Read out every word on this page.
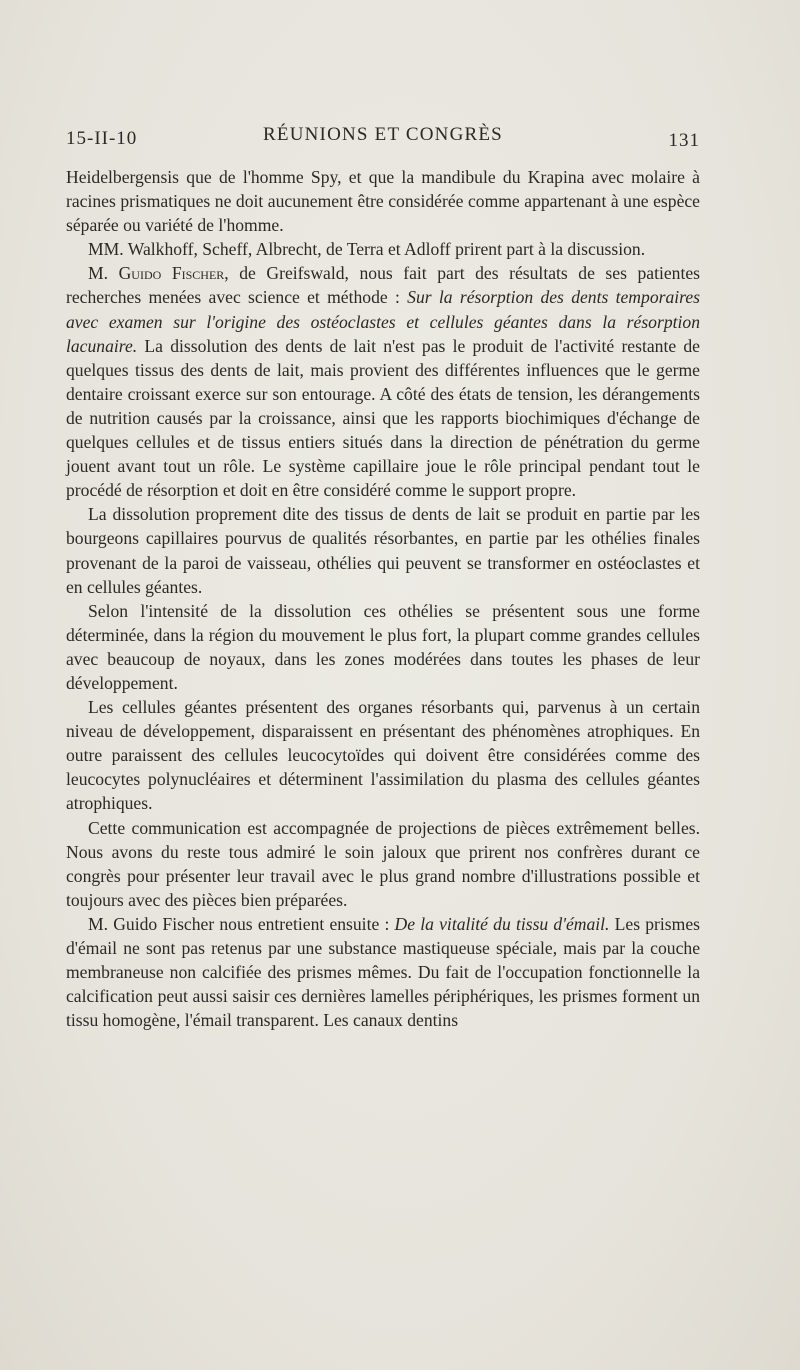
15-II-10	RÉUNIONS ET CONGRÈS	131

Heidelbergensis que de l'homme Spy, et que la mandibule du Krapina avec molaire à racines prismatiques ne doit aucunement être considérée comme appartenant à une espèce séparée ou variété de l'homme.

MM. Walkhoff, Scheff, Albrecht, de Terra et Adloff prirent part à la discussion.

M. Guido Fischer, de Greifswald, nous fait part des résultats de ses patientes recherches menées avec science et méthode : Sur la résorption des dents temporaires avec examen sur l'origine des ostéoclastes et cellules géantes dans la résorption lacunaire. La dissolution des dents de lait n'est pas le produit de l'activité restante de quelques tissus des dents de lait, mais provient des différentes influences que le germe dentaire croissant exerce sur son entourage. A côté des états de tension, les dérangements de nutrition causés par la croissance, ainsi que les rapports biochimiques d'échange de quelques cellules et de tissus entiers situés dans la direction de pénétration du germe jouent avant tout un rôle. Le système capillaire joue le rôle principal pendant tout le procédé de résorption et doit en être considéré comme le support propre.

La dissolution proprement dite des tissus de dents de lait se produit en partie par les bourgeons capillaires pourvus de qualités résorbantes, en partie par les othélies finales provenant de la paroi de vaisseau, othélies qui peuvent se transformer en ostéoclastes et en cellules géantes.

Selon l'intensité de la dissolution ces othélies se présentent sous une forme déterminée, dans la région du mouvement le plus fort, la plupart comme grandes cellules avec beaucoup de noyaux, dans les zones modérées dans toutes les phases de leur développement.

Les cellules géantes présentent des organes résorbants qui, parvenus à un certain niveau de développement, disparaissent en présentant des phénomènes atrophiques. En outre paraissent des cellules leucocytoïdes qui doivent être considérées comme des leucocytes polynucléaires et déterminent l'assimilation du plasma des cellules géantes atrophiques.

Cette communication est accompagnée de projections de pièces extrêmement belles. Nous avons du reste tous admiré le soin jaloux que prirent nos confrères durant ce congrès pour présenter leur travail avec le plus grand nombre d'illustrations possible et toujours avec des pièces bien préparées.

M. Guido Fischer nous entretient ensuite : De la vitalité du tissu d'émail. Les prismes d'émail ne sont pas retenus par une substance mastiqueuse spéciale, mais par la couche membraneuse non calcifiée des prismes mêmes. Du fait de l'occupation fonctionnelle la calcification peut aussi saisir ces dernières lamelles périphériques, les prismes forment un tissu homogène, l'émail transparent. Les canaux dentins
